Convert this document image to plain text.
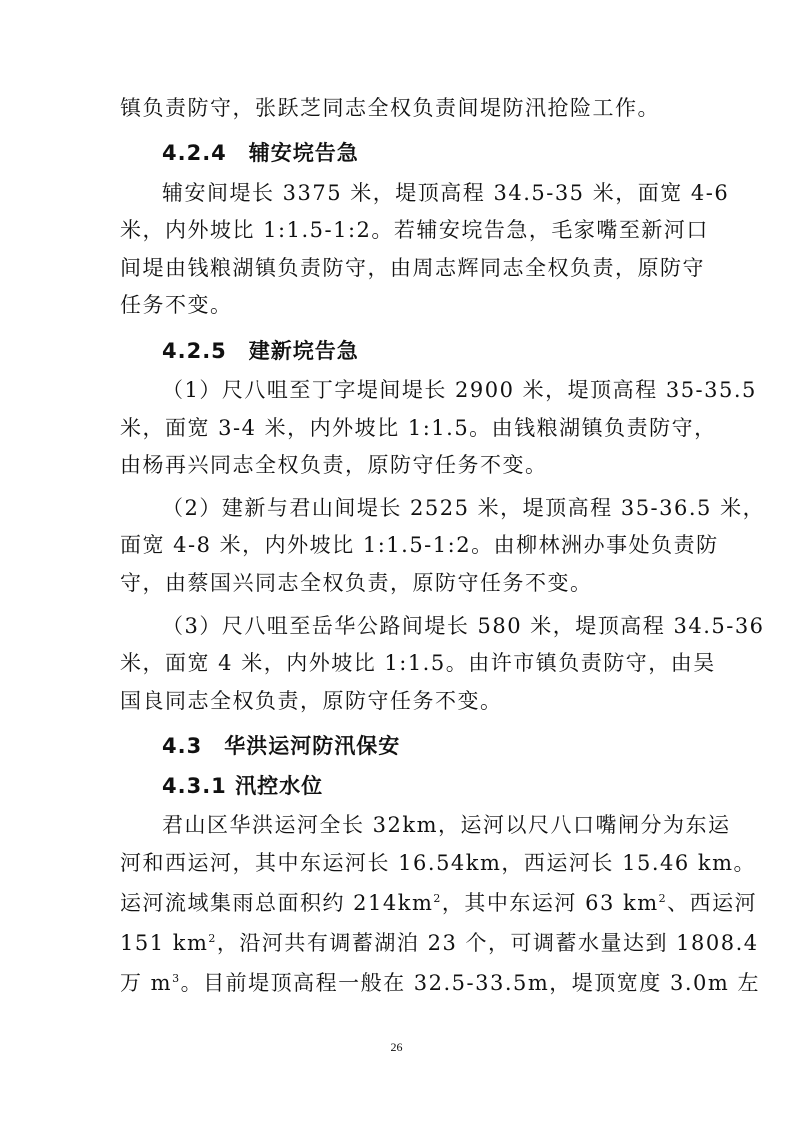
镇负责防守，张跃芝同志全权负责间堤防汛抢险工作。
4.2.4　辅安垸告急
辅安间堤长 3375 米，堤顶高程 34.5-35 米，面宽 4-6
米，内外坡比 1:1.5-1:2。若辅安垸告急，毛家嘴至新河口
间堤由钱粮湖镇负责防守，由周志辉同志全权负责，原防守
任务不变。
4.2.5　建新垸告急
（1）尺八咀至丁字堤间堤长 2900 米，堤顶高程 35-35.5
米，面宽 3-4 米，内外坡比 1:1.5。由钱粮湖镇负责防守，
由杨再兴同志全权负责，原防守任务不变。
（2）建新与君山间堤长 2525 米，堤顶高程 35-36.5 米，
面宽 4-8 米，内外坡比 1:1.5-1:2。由柳林洲办事处负责防
守，由蔡国兴同志全权负责，原防守任务不变。
（3）尺八咀至岳华公路间堤长 580 米，堤顶高程 34.5-36
米，面宽 4 米，内外坡比 1:1.5。由许市镇负责防守，由吴
国良同志全权负责，原防守任务不变。
4.3　华洪运河防汛保安
4.3.1 汛控水位
君山区华洪运河全长 32km，运河以尺八口嘴闸分为东运
河和西运河，其中东运河长 16.54km，西运河长 15.46 km。
运河流域集雨总面积约 $214km^2$，其中东运河 63 $km^2$、西运河
151 $km^2$，沿河共有调蓄湖泊 23 个，可调蓄水量达到 1808.4
万 $m^3$。目前堤顶高程一般在 32.5-33.5m，堤顶宽度 3.0m 左
26
